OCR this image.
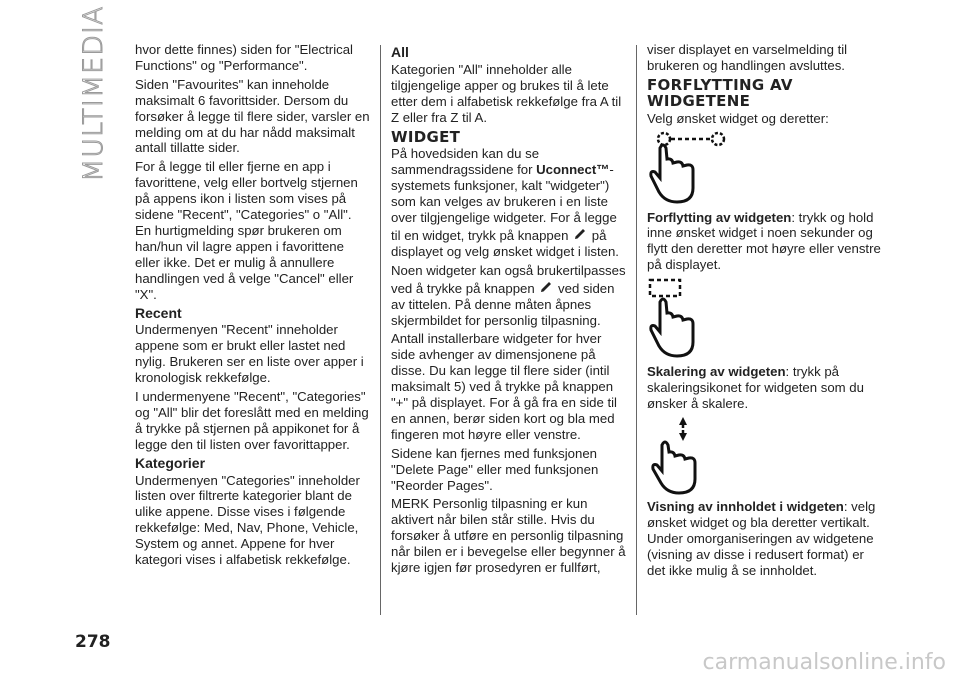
MULTIMEDIA hvor dette finnes) siden for "Electrical Functions" og "Performance".

Siden "Favourites" kan inneholde maksimalt 6 favorittsider. Dersom du forsøker å legge til flere sider, varsler en melding om at du har nådd maksimalt antall tillatte sider.

For å legge til eller fjerne en app i favorittene, velg eller bortvelg stjernen på appens ikon i listen som vises på sidene "Recent", "Categories" o "All". En hurtigmelding spør brukeren om han/hun vil lagre appen i favorittene eller ikke. Det er mulig å annullere handlingen ved å velge "Cancel" eller "X".

Recent

Undermenyen "Recent" inneholder appene som er brukt eller lastet ned nylig. Brukeren ser en liste over apper i kronologisk rekkefølge.

I undermenyene "Recent", "Categories" og "All" blir det foreslått med en melding å trykke på stjernen på appikonet for å legge den til listen over favorittapper.

Kategorier

Undermenyen "Categories" inneholder listen over filtrerte kategorier blant de ulike appene. Disse vises i følgende rekkefølge: Med, Nav, Phone, Vehicle, System og annet. Appene for hver kategori vises i alfabetisk rekkefølge.

All

Kategorien "All" inneholder alle tilgjengelige apper og brukes til å lete etter dem i alfabetisk rekkefølge fra A til Z eller fra Z til A.

WIDGET

På hovedsiden kan du se sammendragssidene for Uconnect™-systemets funksjoner, kalt "widgeter") som kan velges av brukeren i en liste over tilgjengelige widgeter. For å legge til en widget, trykk på knappen  på displayet og velg ønsket widget i listen.

Noen widgeter kan også brukertilpasses ved å trykke på knappen  ved siden av tittelen. På denne måten åpnes skjermbildet for personlig tilpasning.

Antall installerbare widgeter for hver side avhenger av dimensjonene på disse. Du kan legge til flere sider (intil maksimalt 5) ved å trykke på knappen "+" på displayet. For å gå fra en side til en annen, berør siden kort og bla med fingeren mot høyre eller venstre.

Sidene kan fjernes med funksjonen "Delete Page" eller med funksjonen "Reorder Pages".

MERK Personlig tilpasning er kun aktivert når bilen står stille. Hvis du forsøker å utføre en personlig tilpasning når bilen er i bevegelse eller begynner å kjøre igjen før prosedyren er fullført,

viser displayet en varselmelding til brukeren og handlingen avsluttes.

FORFLYTTING AV WIDGETENE

Velg ønsket widget og deretter:

Forflytting av widgeten: trykk og hold inne ønsket widget i noen sekunder og flytt den deretter mot høyre eller venstre på displayet.

Skalering av widgeten: trykk på skaleringsikonet for widgeten som du ønsker å skalere.

Visning av innholdet i widgeten: velg ønsket widget og bla deretter vertikalt. Under omorganiseringen av widgetene (visning av disse i redusert format) er det ikke mulig å se innholdet.

278
carmanualsonline.info
